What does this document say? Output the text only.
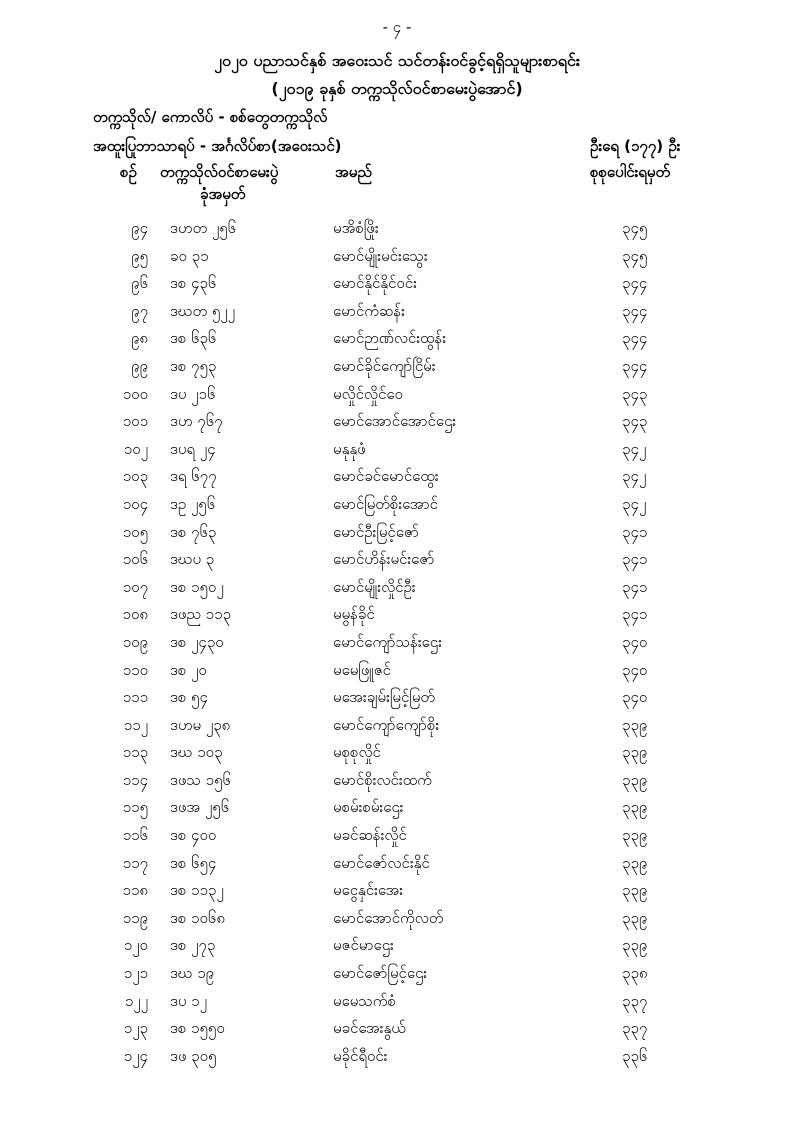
- ၄ -
၂၀၂၀ ပညာသင်နှစ် အဝေးသင် သင်တန်းဝင်ခွင့်ရရှိသူများစာရင်း
(၂၀၁၉ ခုနှစ် တက္ကသိုလ်ဝင်စာမေးပွဲအောင်)
တက္ကသိုလ်/ ကောလိပ် - စစ်တွေတက္ကသိုလ်
အထူးပြုဘာသာရပ် - အင်္ဂလိပ်စာ(အဝေးသင်)	ဦးရေ (၁၇၇) ဦး
စဉ် တက္ကသိုလ်ဝင်စာမေးပွဲ
ခုံအမှတ်
အမည်	စုစုပေါင်းရမှတ်
၉၄ ဒဟတ ၂၅၆	မအိစံဖြိုး	၃၄၅
၉၅ ခဝ ၃၁	မောင်မျိုးမင်းသွေး	၃၄၅
၉၆ ဒစ ၄၃၆	မောင်နိုင်နိုင်ဝင်း	၃၄၄
၉၇ ဒဃတ ၅၂၂	မောင်ကံဆန်း	၃၄၄
၉၈ ဒစ ၆၃၆	မောင်ဉာဏ်လင်းထွန်း	၃၄၄
၉၉ ဒစ ၇၅၃	မောင်ခိုင်ကျော်ငြိမ်း	၃၄၄
၁၀၀ ဒပ ၂၁၆	မလှိုင်လှိုင်ဝေ	၃၄၃
၁၀၁ ဒဟ ၇၆၇	မောင်အောင်အောင်ဌေး	၃၄၃
၁၀၂ ဒပရ ၂၄	မနုနုဖံ	၃၄၂
၁၀၃ ဒရ ၆၇၇	မောင်ခင်မောင်ထွေး	၃၄၂
၁၀၄ ဒဥ ၂၅၆	မောင်မြတ်စိုးအောင်	၃၄၂
၁၀၅ ဒစ ၇၆၃	မောင်ဦးမြင့်ဇော်	၃၄၁
၁၀၆ ဒဃပ ၃	မောင်ဟိန်းမင်းဇော်	၃၄၁
၁၀၇ ဒစ ၁၅၀၂	မောင်မျိုးလှိုင်ဦး	၃၄၁
၁၀၈ ဒဖည ၁၁၃	မမွန်ခိုင်	၃၄၁
၁၀၉ ဒစ ၂၄၃၀	မောင်ကျော်သန်းဌေး	၃၄၀
၁၁၀ ဒစ ၂၀	မမေဖြူဇင်	၃၄၀
၁၁၁ ဒစ ၅၄	မအေးချမ်းမြင့်မြတ်	၃၄၀
၁၁၂ ဒဟမ ၂၃၈	မောင်ကျော်ကျော်စိုး	၃၃၉
၁၁၃ ဒဃ ၁၀၃	မစုစုလှိုင်	၃၃၉
၁၁၄ ဒဖသ ၁၅၆	မောင်စိုးလင်းထက်	၃၃၉
၁၁၅ ဒဖအ ၂၅၆	မစမ်းစမ်းဌေး	၃၃၉
၁၁၆ ဒစ ၄၀၀	မခင်ဆန်းလှိုင်	၃၃၉
၁၁၇ ဒစ ၆၅၄	မောင်ဇော်လင်းနိုင်	၃၃၉
၁၁၈ ဒစ ၁၁၃၂	မငွေနှင်းအေး	၃၃၉
၁၁၉ ဒစ ၁၀၆၈	မောင်အောင်ကိုလတ်	၃၃၉
၁၂၀ ဒစ ၂၇၃	မဇင်မာဌေး	၃၃၉
၁၂၁ ဒဃ ၁၉	မောင်ဇော်မြင့်ဌေး	၃၃၈
၁၂၂ ဒပ ၁၂	မမေသက်စံ	၃၃၇
၁၂၃ ဒစ ၁၅၅၀	မခင်အေးနွယ်	၃၃၇
၁၂၄ ဒဖ ၃၀၅	မခိုင်ရီဝင်း	၃၃၆
